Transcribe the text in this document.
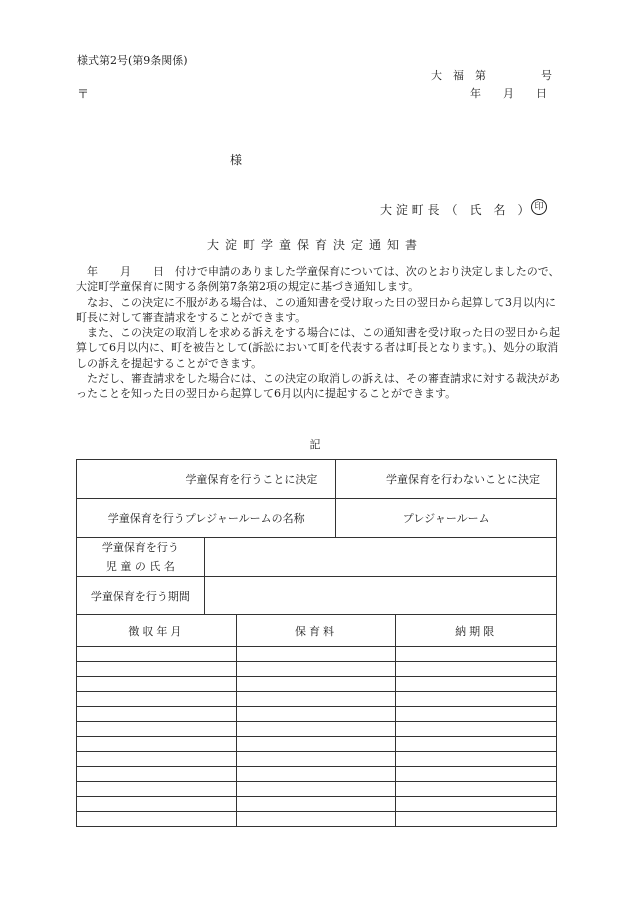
様式第2号(第9条関係)
大　福　第　　　　　号
〒	年　　月　　日
様
大 淀 町 長　（　氏　名　） 印
大淀町学童保育決定通知書

　年　　月　　日　付けで申請のありました学童保育については、次のとおり決定しましたので、大淀町学童保育に関する条例第7条第2項の規定に基づき通知します。

　なお、この決定に不服がある場合は、この通知書を受け取った日の翌日から起算して3月以内に町長に対して審査請求をすることができます。

　また、この決定の取消しを求める訴えをする場合には、この通知書を受け取った日の翌日から起算して6月以内に、町を被告として(訴訟において町を代表する者は町長となります。)、処分の取消しの訴えを提起することができます。

　ただし、審査請求をした場合には、この決定の取消しの訴えは、その審査請求に対する裁決があったことを知った日の翌日から起算して6月以内に提起することができます。

記
学童保育を行うことに決定		学童保育を行わないことに決定
学童保育を行うプレジャールームの名称		プレジャールーム

学童保育を行う
児 童 の 氏 名		

学童保育を行う期間		
徴収年月	保育料	納期限
